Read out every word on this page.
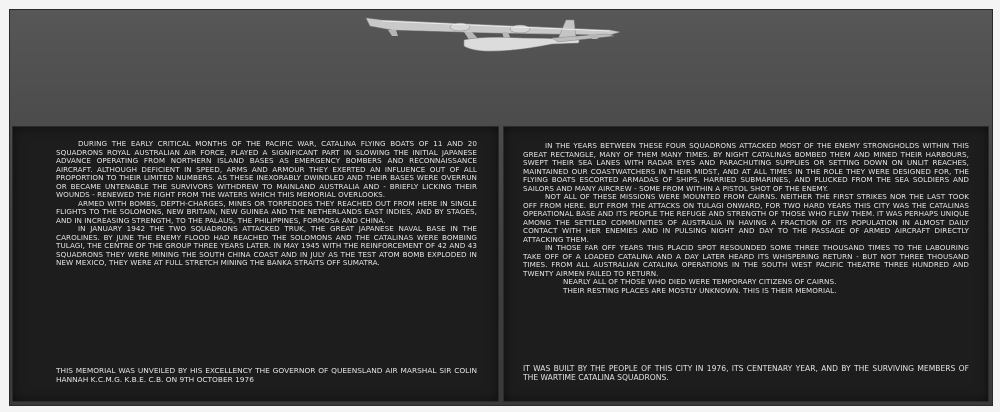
DURING THE EARLY CRITICAL MONTHS OF THE PACIFIC WAR, CATALINA FLYING BOATS OF 11 AND 20 SQUADRONS ROYAL AUSTRALIAN AIR FORCE, PLAYED A SIGNIFICANT PART IN SLOWING THE INITIAL JAPANESE ADVANCE OPERATING FROM NORTHERN ISLAND BASES AS EMERGENCY BOMBERS AND RECONNAISSANCE AIRCRAFT. ALTHOUGH DEFICIENT IN SPEED, ARMS AND ARMOUR THEY EXERTED AN INFLUENCE OUT OF ALL PROPORTION TO THEIR LIMITED NUMBERS. AS THESE INEXORABLY DWINDLED AND THEIR BASES WERE OVERRUN OR BECAME UNTENABLE THE SURVIVORS WITHDREW TO MAINLAND AUSTRALIA AND - BRIEFLY LICKING THEIR WOUNDS - RENEWED THE FIGHT FROM THE WATERS WHICH THIS MEMORIAL OVERLOOKS.

ARMED WITH BOMBS, DEPTH-CHARGES, MINES OR TORPEDOES THEY REACHED OUT FROM HERE IN SINGLE FLIGHTS TO THE SOLOMONS, NEW BRITAIN, NEW GUINEA AND THE NETHERLANDS EAST INDIES, AND BY STAGES, AND IN INCREASING STRENGTH, TO THE PALAUS, THE PHILIPPINES, FORMOSA AND CHINA.

IN JANUARY 1942 THE TWO SQUADRONS ATTACKED TRUK, THE GREAT JAPANESE NAVAL BASE IN THE CAROLINES. BY JUNE THE ENEMY FLOOD HAD REACHED THE SOLOMONS AND THE CATALINAS WERE BOMBING TULAGI, THE CENTRE OF THE GROUP THREE YEARS LATER. IN MAY 1945 WITH THE REINFORCEMENT OF 42 AND 43 SQUADRONS THEY WERE MINING THE SOUTH CHINA COAST AND IN JULY AS THE TEST ATOM BOMB EXPLODED IN NEW MEXICO, THEY WERE AT FULL STRETCH MINING THE BANKA STRAITS OFF SUMATRA.

THIS MEMORIAL WAS UNVEILED BY HIS EXCELLENCY THE GOVERNOR OF QUEENSLAND AIR MARSHAL SIR COLIN HANNAH K.C.M.G. K.B.E. C.B. ON 9TH OCTOBER 1976

IN THE YEARS BETWEEN THESE FOUR SQUADRONS ATTACKED MOST OF THE ENEMY STRONGHOLDS WITHIN THIS GREAT RECTANGLE, MANY OF THEM MANY TIMES. BY NIGHT CATALINAS BOMBED THEM AND MINED THEIR HARBOURS, SWEPT THEIR SEA LANES WITH RADAR EYES AND PARACHUTING SUPPLIES OR SETTING DOWN ON UNLIT REACHES, MAINTAINED OUR COASTWATCHERS IN THEIR MIDST, AND AT ALL TIMES IN THE ROLE THEY WERE DESIGNED FOR, THE FLYING BOATS ESCORTED ARMADAS OF SHIPS, HARRIED SUBMARINES, AND PLUCKED FROM THE SEA SOLDIERS AND SAILORS AND MANY AIRCREW - SOME FROM WITHIN A PISTOL SHOT OF THE ENEMY.

NOT ALL OF THESE MISSIONS WERE MOUNTED FROM CAIRNS. NEITHER THE FIRST STRIKES NOR THE LAST TOOK OFF FROM HERE. BUT FROM THE ATTACKS ON TULAGI ONWARD, FOR TWO HARD YEARS THIS CITY WAS THE CATALINAS OPERATIONAL BASE AND ITS PEOPLE THE REFUGE AND STRENGTH OF THOSE WHO FLEW THEM. IT WAS PERHAPS UNIQUE AMONG THE SETTLED COMMUNITIES OF AUSTRALIA IN HAVING A FRACTION OF ITS POPULATION IN ALMOST DAILY CONTACT WITH HER ENEMIES AND IN PULSING NIGHT AND DAY TO THE PASSAGE OF ARMED AIRCRAFT DIRECTLY ATTACKING THEM.

IN THOSE FAR OFF YEARS THIS PLACID SPOT RESOUNDED SOME THREE THOUSAND TIMES TO THE LABOURING TAKE OFF OF A LOADED CATALINA AND A DAY LATER HEARD ITS WHISPERING RETURN - BUT NOT THREE THOUSAND TIMES. FROM ALL AUSTRALIAN CATALINA OPERATIONS IN THE SOUTH WEST PACIFIC THEATRE THREE HUNDRED AND TWENTY AIRMEN FAILED TO RETURN.

NEARLY ALL OF THOSE WHO DIED WERE TEMPORARY CITIZENS OF CAIRNS.

THEIR RESTING PLACES ARE MOSTLY UNKNOWN. THIS IS THEIR MEMORIAL.

IT WAS BUILT BY THE PEOPLE OF THIS CITY IN 1976, ITS CENTENARY YEAR, AND BY THE SURVIVING MEMBERS OF THE WARTIME CATALINA SQUADRONS.
